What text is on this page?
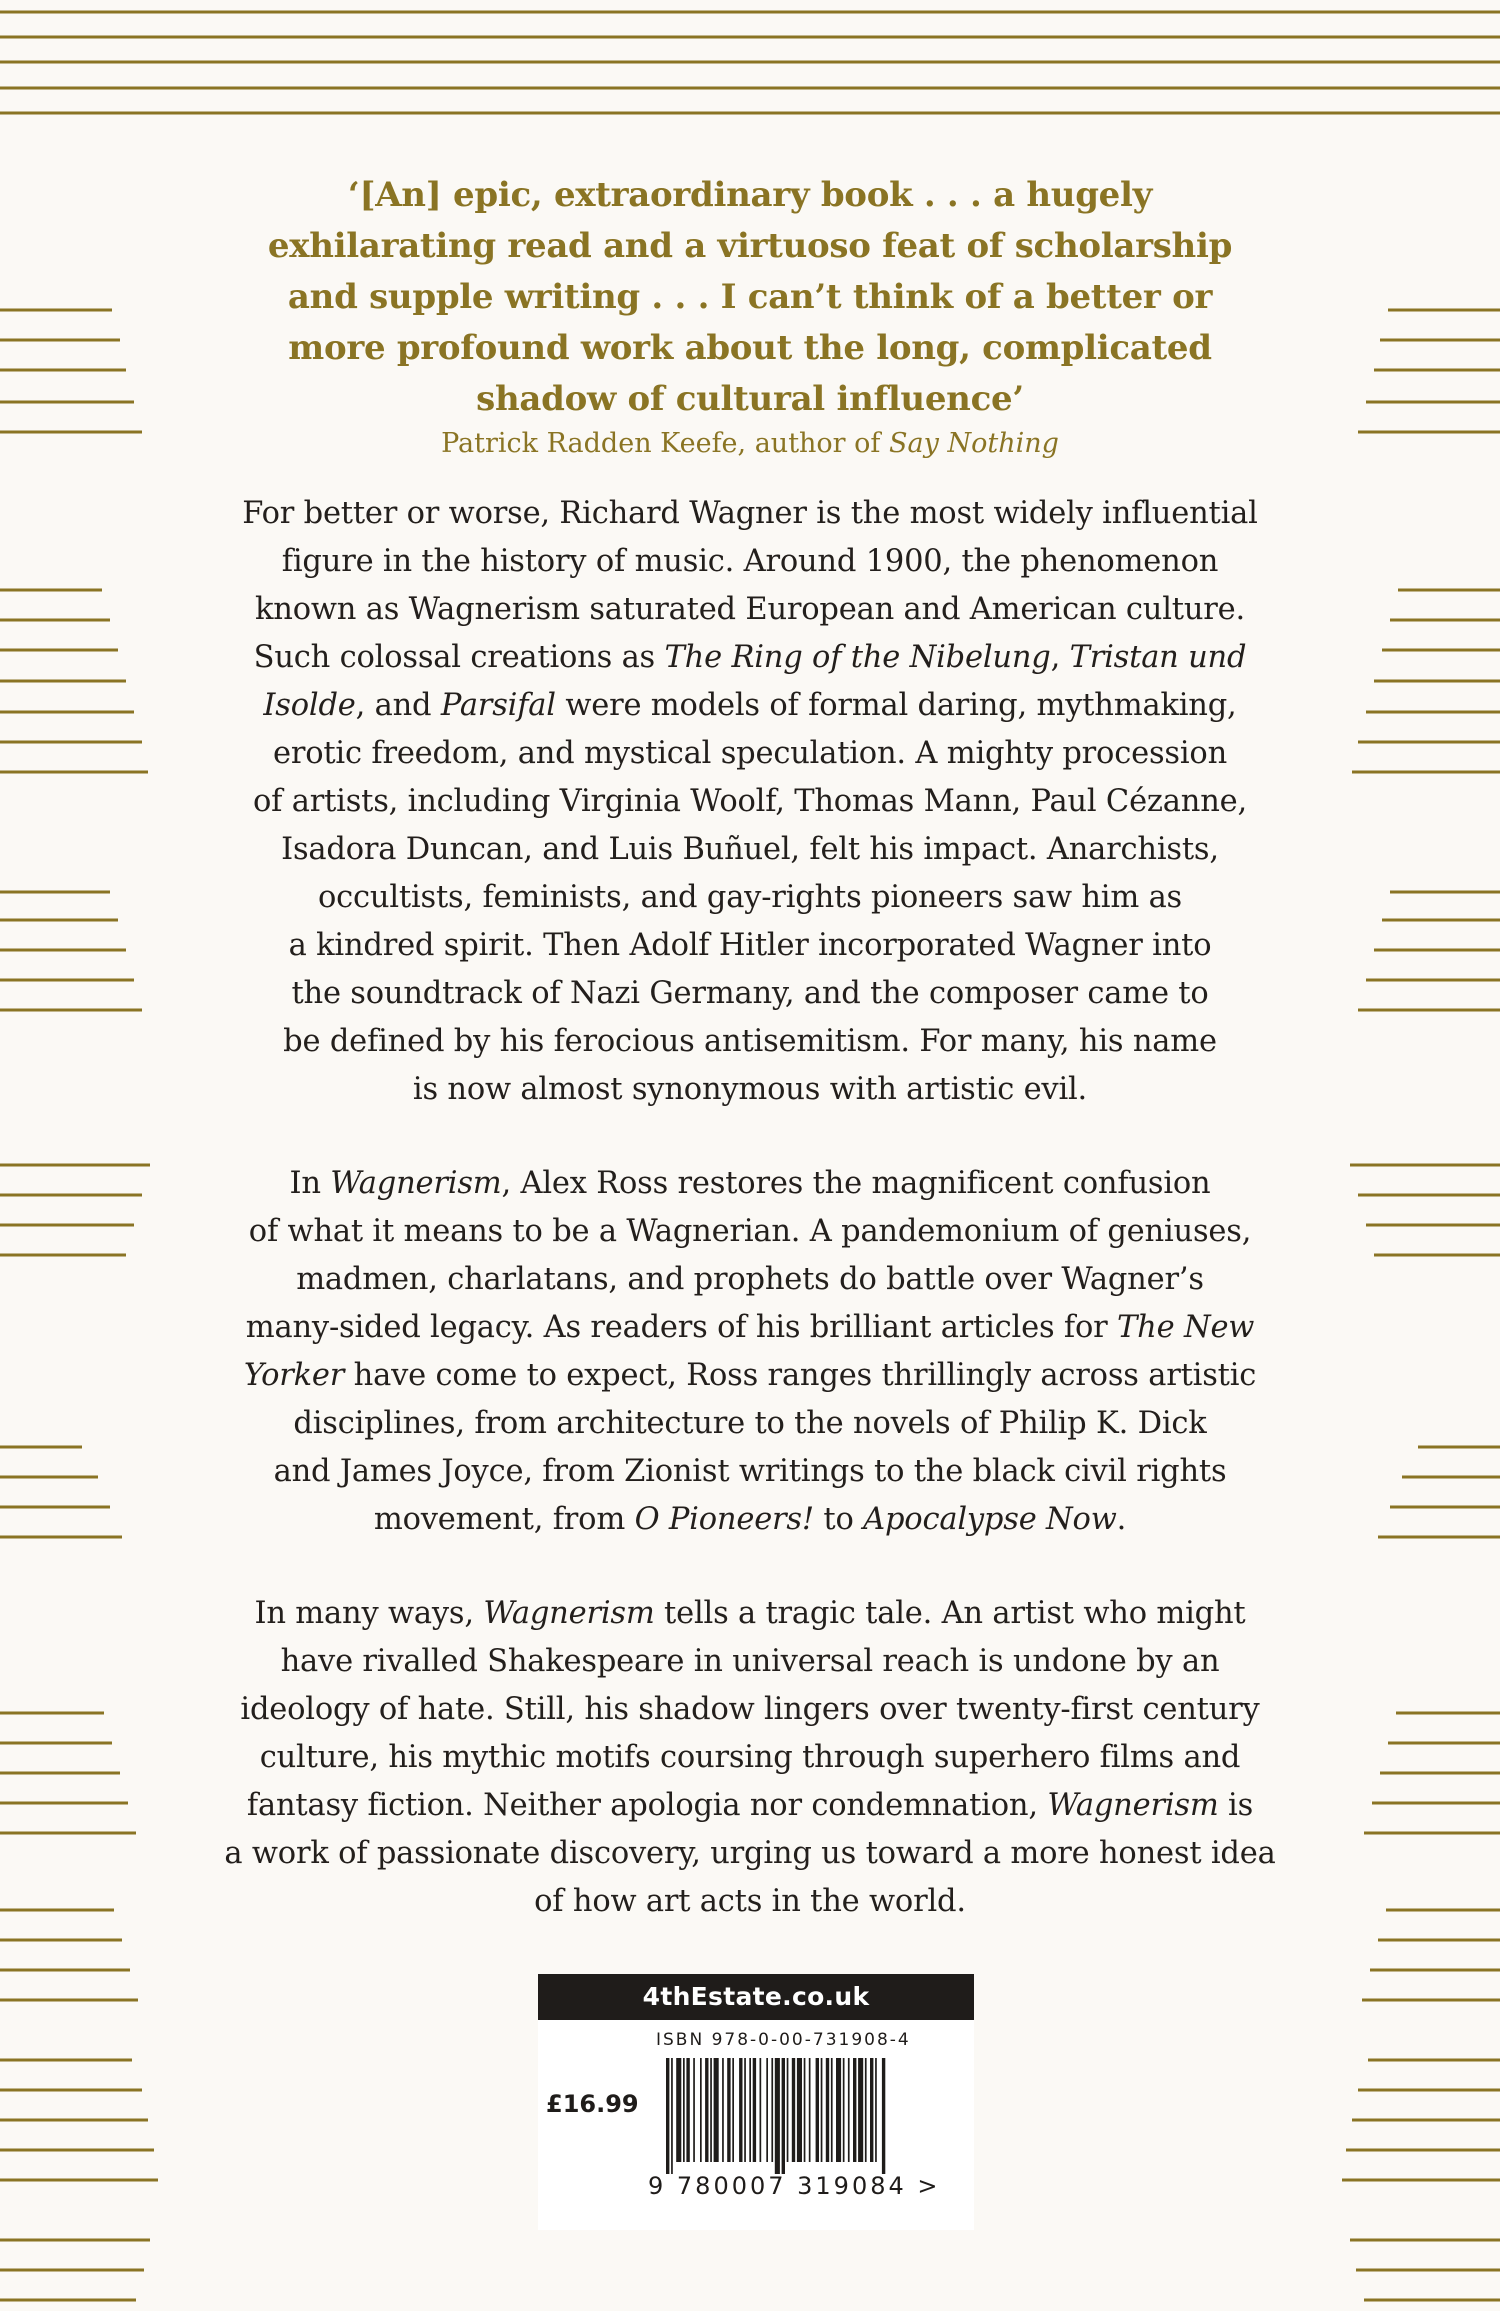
‘[An] epic, extraordinary book . . . a hugely
exhilarating read and a virtuoso feat of scholarship
and supple writing . . . I can’t think of a better or
more profound work about the long, complicated
shadow of cultural influence’
Patrick Radden Keefe, author of Say Nothing
For better or worse, Richard Wagner is the most widely influential
figure in the history of music. Around 1900, the phenomenon
known as Wagnerism saturated European and American culture.
Such colossal creations as The Ring of the Nibelung, Tristan und
Isolde, and Parsifal were models of formal daring, mythmaking,
erotic freedom, and mystical speculation. A mighty procession
of artists, including Virginia Woolf, Thomas Mann, Paul Cézanne,
Isadora Duncan, and Luis Buñuel, felt his impact. Anarchists,
occultists, feminists, and gay-rights pioneers saw him as
a kindred spirit. Then Adolf Hitler incorporated Wagner into
the soundtrack of Nazi Germany, and the composer came to
be defined by his ferocious antisemitism. For many, his name
is now almost synonymous with artistic evil.
In Wagnerism, Alex Ross restores the magnificent confusion
of what it means to be a Wagnerian. A pandemonium of geniuses,
madmen, charlatans, and prophets do battle over Wagner’s
many-sided legacy. As readers of his brilliant articles for The New
Yorker have come to expect, Ross ranges thrillingly across artistic
disciplines, from architecture to the novels of Philip K. Dick
and James Joyce, from Zionist writings to the black civil rights
movement, from O Pioneers! to Apocalypse Now.
In many ways, Wagnerism tells a tragic tale. An artist who might
have rivalled Shakespeare in universal reach is undone by an
ideology of hate. Still, his shadow lingers over twenty-first century
culture, his mythic motifs coursing through superhero films and
fantasy fiction. Neither apologia nor condemnation, Wagnerism is
a work of passionate discovery, urging us toward a more honest idea
of how art acts in the world.
4thEstate.co.uk
ISBN 978-0-00-731908-4
£16.99
9 780007 319084 >
